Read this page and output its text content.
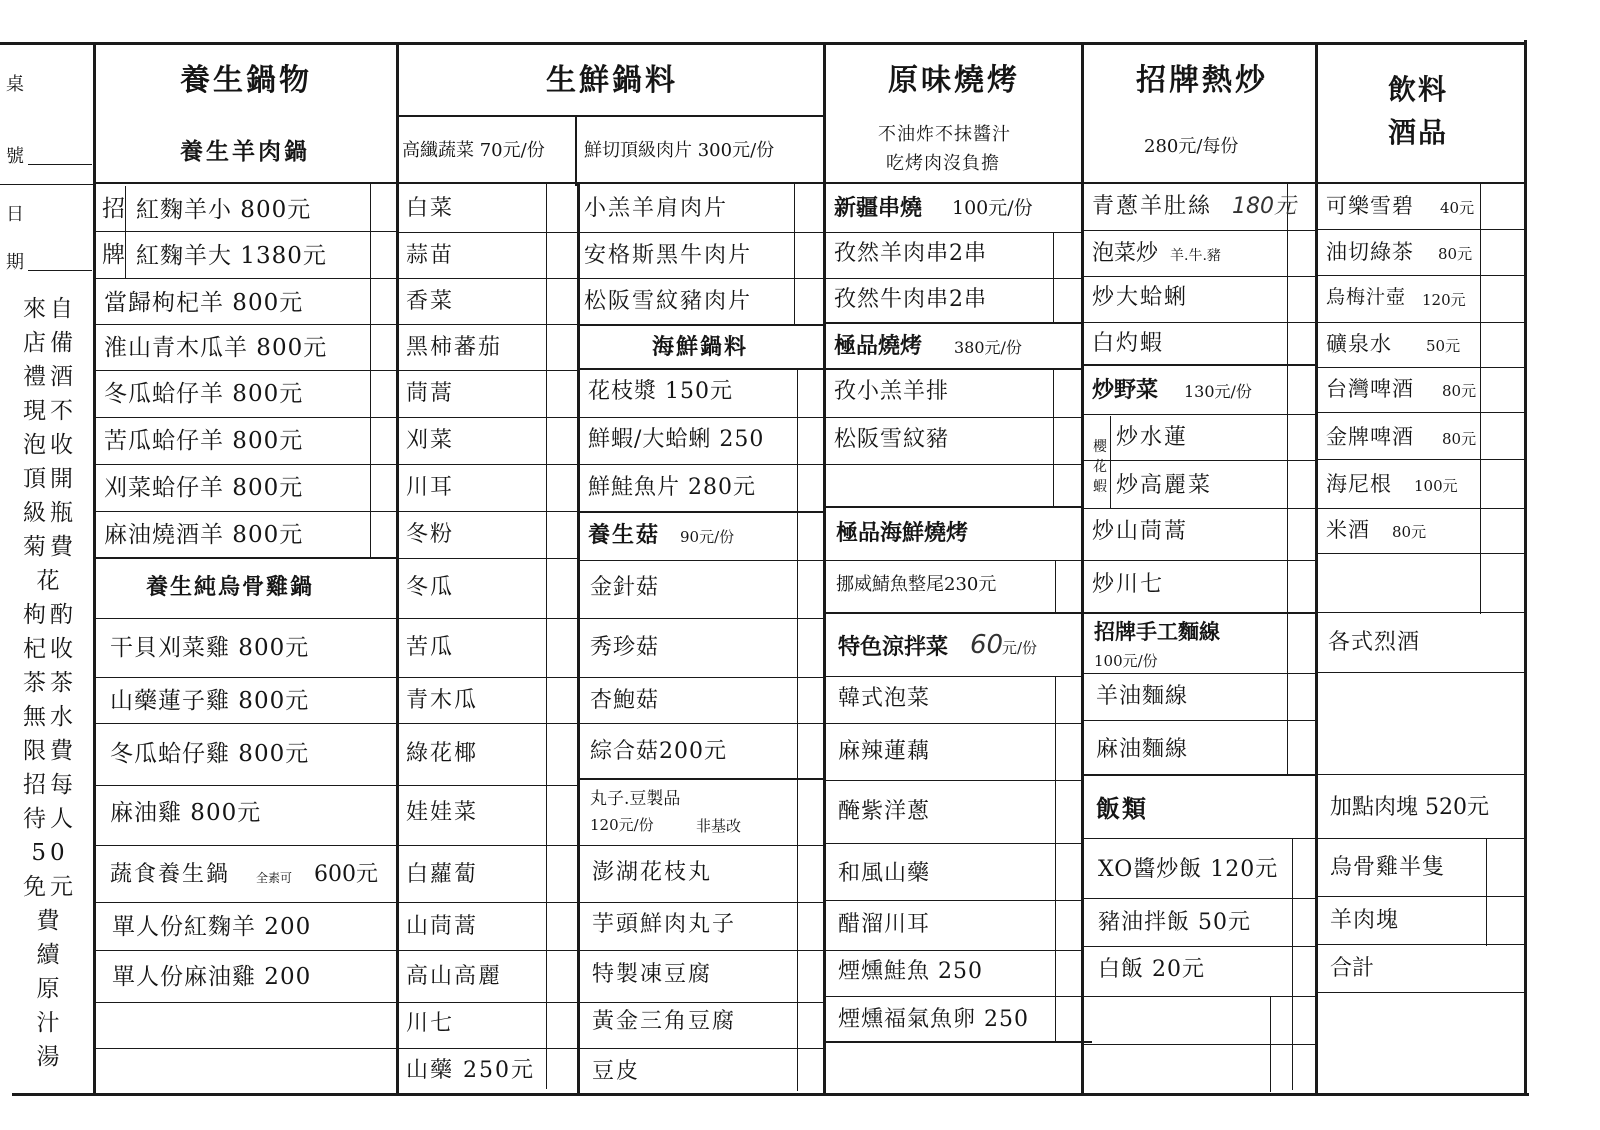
桌
號
日
期
來自
店備
禮酒
現不
泡收
頂開
級瓶
菊費
花
枸酌
杞收
茶茶
無水
限費
招每
待人
50
免元
費
續
原
汁
湯
養生鍋物
養生羊肉鍋
招
牌
紅麴羊小 800元
紅麴羊大 1380元
當歸枸杞羊 800元
淮山青木瓜羊 800元
冬瓜蛤仔羊 800元
苦瓜蛤仔羊 800元
刈菜蛤仔羊 800元
麻油燒酒羊 800元
養生純烏骨雞鍋
干貝刈菜雞 800元
山藥蓮子雞 800元
冬瓜蛤仔雞 800元
麻油雞 800元
蔬食養生鍋 全素可 600元
單人份紅麴羊 200
單人份麻油雞 200
生鮮鍋料
高纖蔬菜 70元/份 鮮切頂級肉片 300元/份
白菜
蒜苗
香菜
黑柿蕃茄
茼蒿
刈菜
川耳
冬粉
冬瓜
苦瓜
青木瓜
綠花椰
娃娃菜
白蘿蔔
山茼蒿
高山高麗
川七
山藥 250元
小羔羊肩肉片
安格斯黑牛肉片
松阪雪紋豬肉片
海鮮鍋料
花枝漿 150元
鮮蝦/大蛤蜊 250
鮮鮭魚片 280元
養生菇 90元/份
金針菇
秀珍菇
杏鮑菇
綜合菇200元
丸子.豆製品
120元/份	非基改
澎湖花枝丸
芋頭鮮肉丸子
特製凍豆腐
黃金三角豆腐
豆皮
原味燒烤
不油炸不抹醬汁
吃烤肉沒負擔
新疆串燒 100元/份
孜然羊肉串2串
孜然牛肉串2串
極品燒烤 380元/份
孜小羔羊排
松阪雪紋豬
極品海鮮燒烤
挪威鯖魚整尾230元
特色涼拌菜 60
元/份
韓式泡菜
麻辣蓮藕
醃紫洋蔥
和風山藥
醋溜川耳
煙燻鮭魚 250
煙燻福氣魚卵 250
招牌熱炒
280元/每份
青蔥羊肚絲 180元
泡菜炒 羊.牛.豬
炒大蛤蜊
白灼蝦
炒野菜 130元/份
櫻
花
蝦
炒水蓮
炒高麗菜
炒山茼蒿
炒川七
招牌手工麵線
100元/份
羊油麵線
麻油麵線
飯類
XO醬炒飯 120元
豬油拌飯 50元
白飯 20元
飲料
酒品
可樂雪碧 40元
油切綠茶 80元
烏梅汁壺 120元
礦泉水 50元
台灣啤酒 80元
金牌啤酒 80元
海尼根 100元
米酒 80元
各式烈酒
加點肉塊 520元
烏骨雞半隻
羊肉塊
合計
